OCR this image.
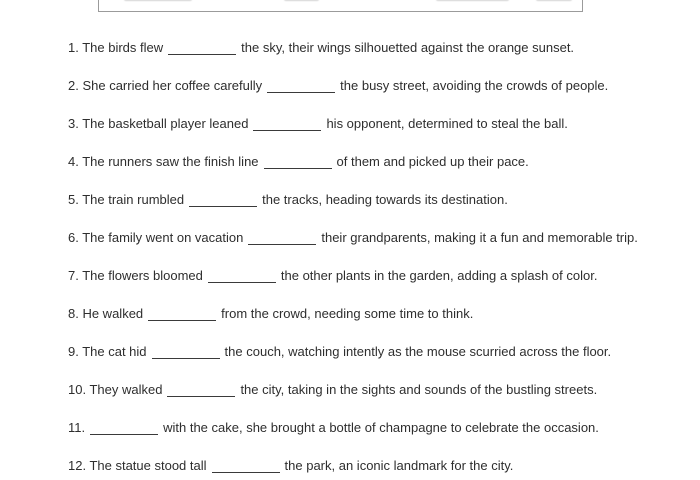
1. The birds flew	the sky, their wings silhouetted against the orange sunset.
2. She carried her coffee carefully	the busy street, avoiding the crowds of people.
3. The basketball player leaned	his opponent, determined to steal the ball.
4. The runners saw the finish line	of them and picked up their pace.
5. The train rumbled	the tracks, heading towards its destination.
6. The family went on vacation	their grandparents, making it a fun and memorable trip.
7. The flowers bloomed	the other plants in the garden, adding a splash of color.
8. He walked	from the crowd, needing some time to think.
9. The cat hid	the couch, watching intently as the mouse scurried across the floor.
10. They walked	the city, taking in the sights and sounds of the bustling streets.
11.	with the cake, she brought a bottle of champagne to celebrate the occasion.
12. The statue stood tall	the park, an iconic landmark for the city.
